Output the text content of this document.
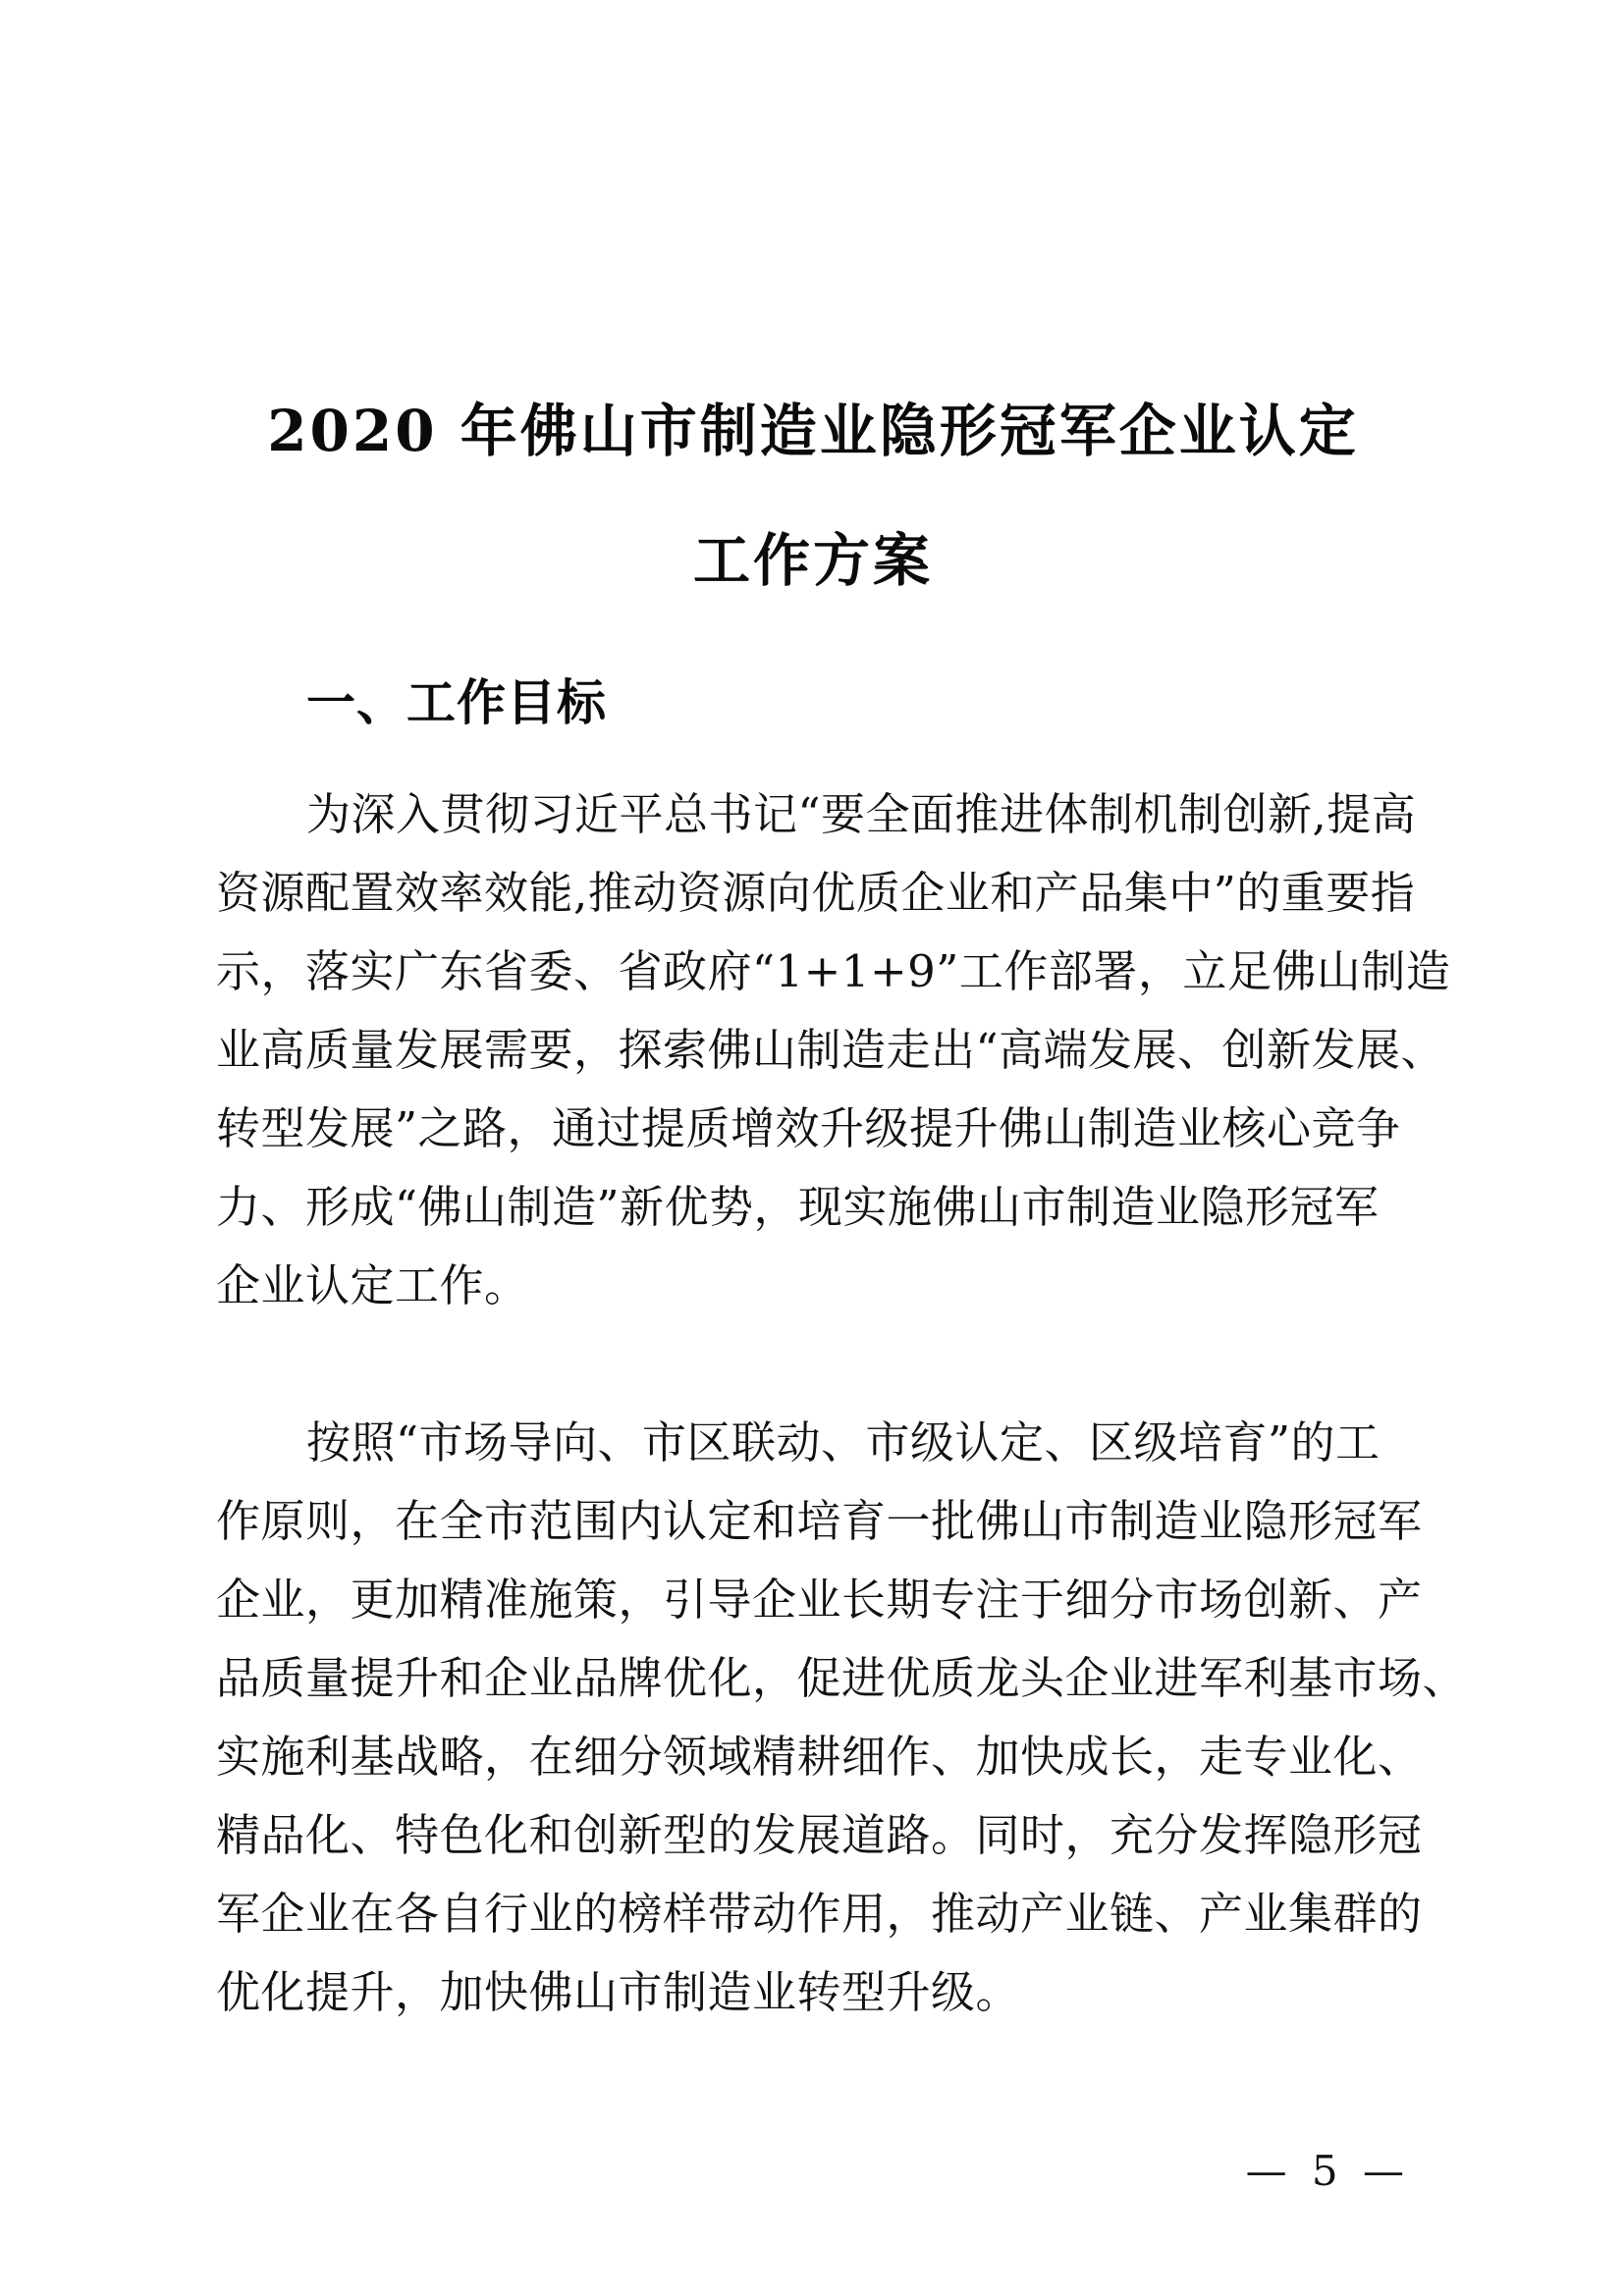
2020 年佛山市制造业隐形冠军企业认定
工作方案
一、工作目标

为深入贯彻习近平总书记“要全面推进体制机制创新,提高
资源配置效率效能,推动资源向优质企业和产品集中”的重要指
示，落实广东省委、省政府“1+1+9”工作部署，立足佛山制造
业高质量发展需要，探索佛山制造走出“高端发展、创新发展、
转型发展”之路，通过提质增效升级提升佛山制造业核心竞争
力、形成“佛山制造”新优势，现实施佛山市制造业隐形冠军
企业认定工作。

按照“市场导向、市区联动、市级认定、区级培育”的工
作原则，在全市范围内认定和培育一批佛山市制造业隐形冠军
企业，更加精准施策，引导企业长期专注于细分市场创新、产
品质量提升和企业品牌优化，促进优质龙头企业进军利基市场、
实施利基战略，在细分领域精耕细作、加快成长，走专业化、
精品化、特色化和创新型的发展道路。同时，充分发挥隐形冠
军企业在各自行业的榜样带动作用，推动产业链、产业集群的
优化提升，加快佛山市制造业转型升级。

— 5 —
